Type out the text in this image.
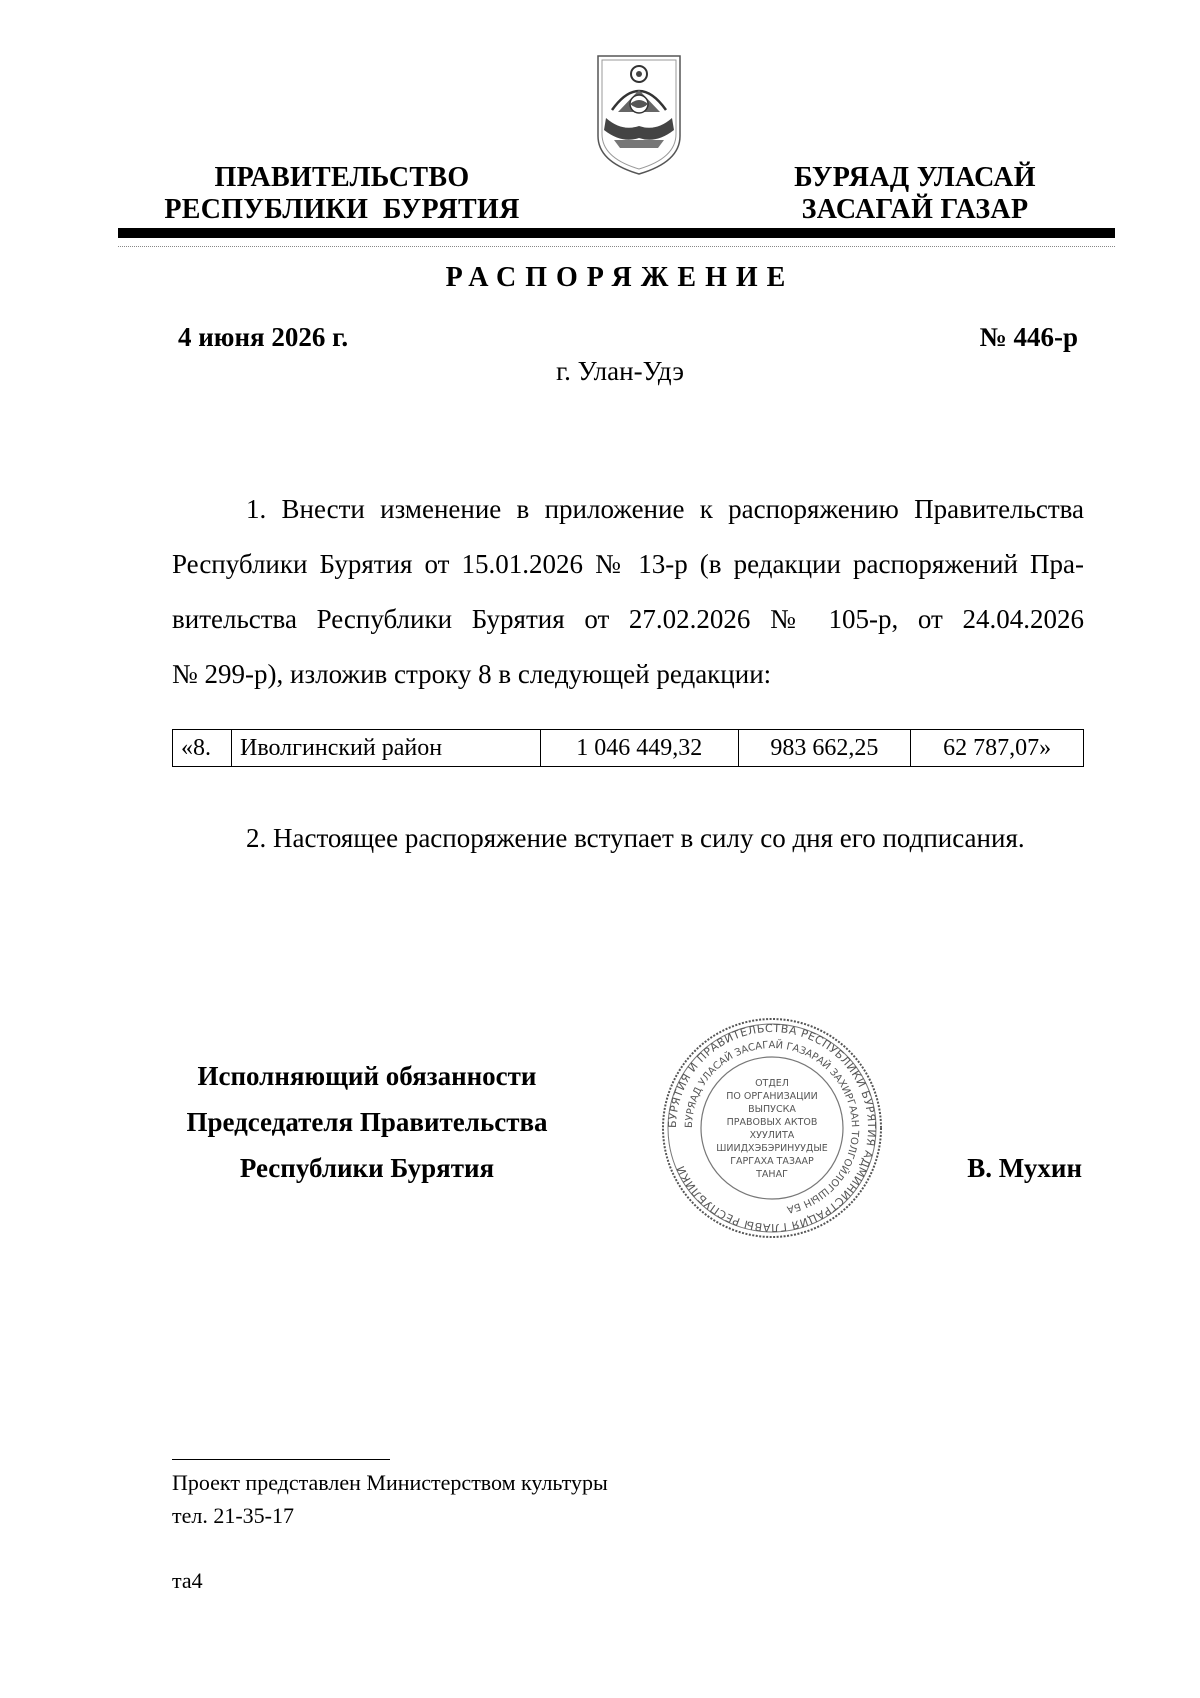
ПРАВИТЕЛЬСТВО
РЕСПУБЛИКИ  БУРЯТИЯ
БУРЯАД УЛАСАЙ
ЗАСАГАЙ ГАЗАР
РАСПОРЯЖЕНИЕ
4 июня 2026 г.	№ 446-р
г. Улан-Удэ
1. Внести изменение в приложение к распоряжению Правительства
Республики Бурятия от 15.01.2026 № 13-р (в редакции распоряжений Пра-
вительства Республики Бурятия от 27.02.2026 № 105-р, от 24.04.2026
№ 299-р), изложив строку 8 в следующей редакции:
«8.	Иволгинский район	1 046 449,32	983 662,25	62 787,07»
2. Настоящее распоряжение вступает в силу со дня его подписания.
Исполняющий обязанности
Председателя Правительства
Республики Бурятия	В. Мухин
БУРЯТИЯ И ПРАВИТЕЛЬСТВА РЕСПУБЛИКИ БУРЯТИЯ АДМИНИСТРАЦИЯ ГЛАВЫ РЕСПУБЛИКИ
БУРЯАД УЛАСАЙ ЗАСАГАЙ ГАЗАРАЙ ЗАХИРГААН ТОЛГОЙЛОГШЫН БА
ОТДЕЛ
ПО ОРГАНИЗАЦИИ
ВЫПУСКА
ПРАВОВЫХ АКТОВ
ХУУЛИТА
ШИИДХЭБЭРИНУУДЫЕ
ГАРГАХА ТАЗААР
ТАНАГ
Проект представлен Министерством культуры
тел. 21-35-17
та4
